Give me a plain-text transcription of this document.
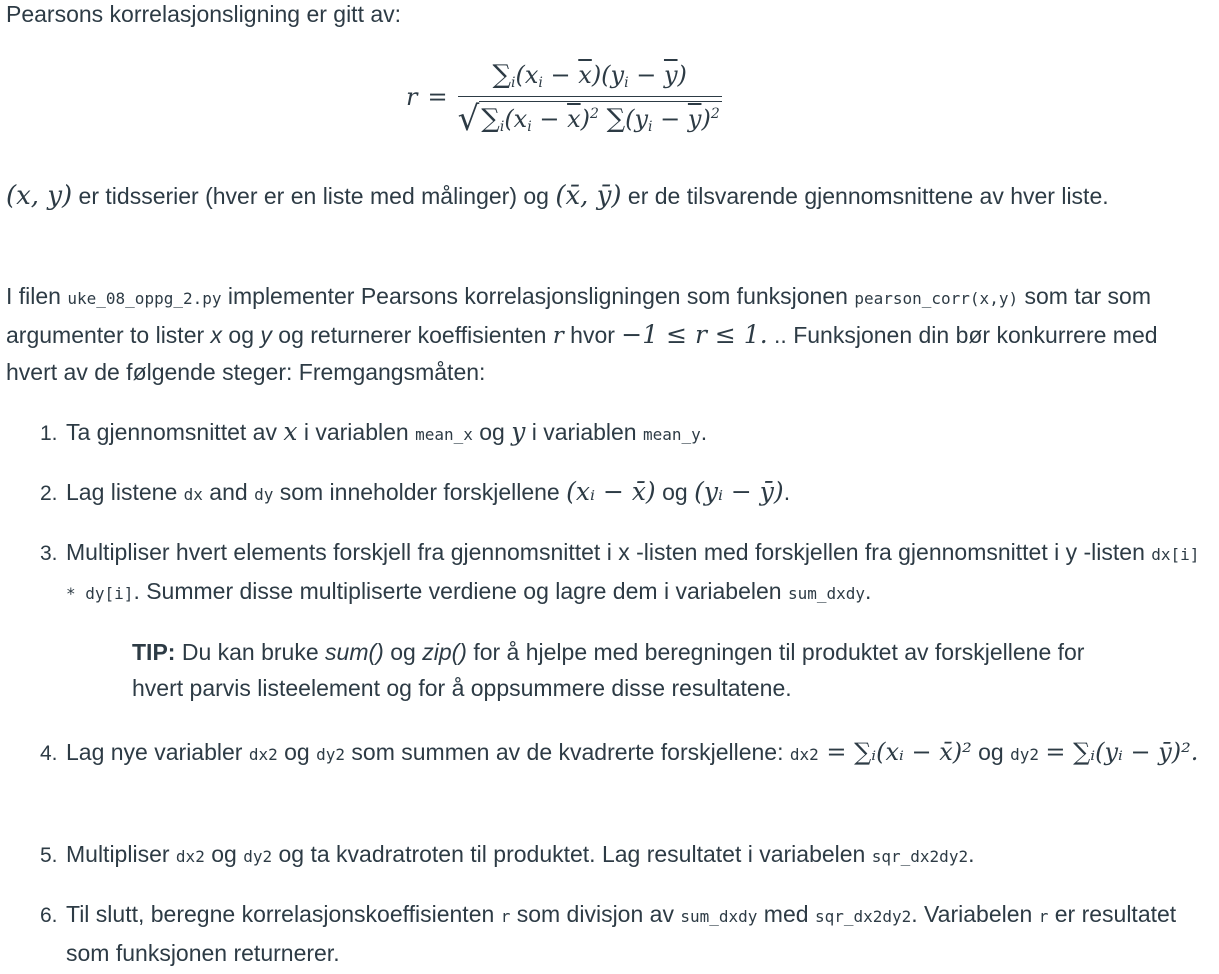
Pearsons korrelasjonsligning er gitt av:

$r = \frac{\sum_i(x_i - \overline{x})(y_i - \overline{y})}{√ \sum_i(x_i - \overline{x})^2 \sum(y_i - \overline{y})^2}$

(x, y) er tidsserier (hver er en liste med målinger) og (x̄, ȳ) er de tilsvarende gjennomsnittene av hver liste.

I filen uke_08_oppg_2.py implementer Pearsons korrelasjonsligningen som funksjonen pearson_corr(x,y) som tar som argumenter to lister x og y og returnerer koeffisienten r hvor −1 ≤ r ≤ 1. .. Funksjonen din bør konkurrere med hvert av de følgende steger: Fremgangsmåten:

1. Ta gjennomsnittet av x i variablen mean_x og y i variablen mean_y.
2. Lag listene dx and dy som inneholder forskjellene (xᵢ − x̄) og (yᵢ − ȳ).
3. Multipliser hvert elements forskjell fra gjennomsnittet i x -listen med forskjellen fra gjennomsnittet i y -listen dx[i] * dy[i]. Summer disse multipliserte verdiene og lagre dem i variabelen sum_dxdy.

TIP: Du kan bruke sum() og zip() for å hjelpe med beregningen til produktet av forskjellene for hvert parvis listeelement og for å oppsummere disse resultatene.

4. Lag nye variabler dx2 og dy2 som summen av de kvadrerte forskjellene: dx2 = ∑ᵢ(xᵢ − x̄)² og dy2 = ∑ᵢ(yᵢ − ȳ)².
5. Multipliser dx2 og dy2 og ta kvadratroten til produktet. Lag resultatet i variabelen sqr_dx2dy2.
6. Til slutt, beregne korrelasjonskoeffisienten r som divisjon av sum_dxdy med sqr_dx2dy2. Variabelen r er resultatet som funksjonen returnerer.
